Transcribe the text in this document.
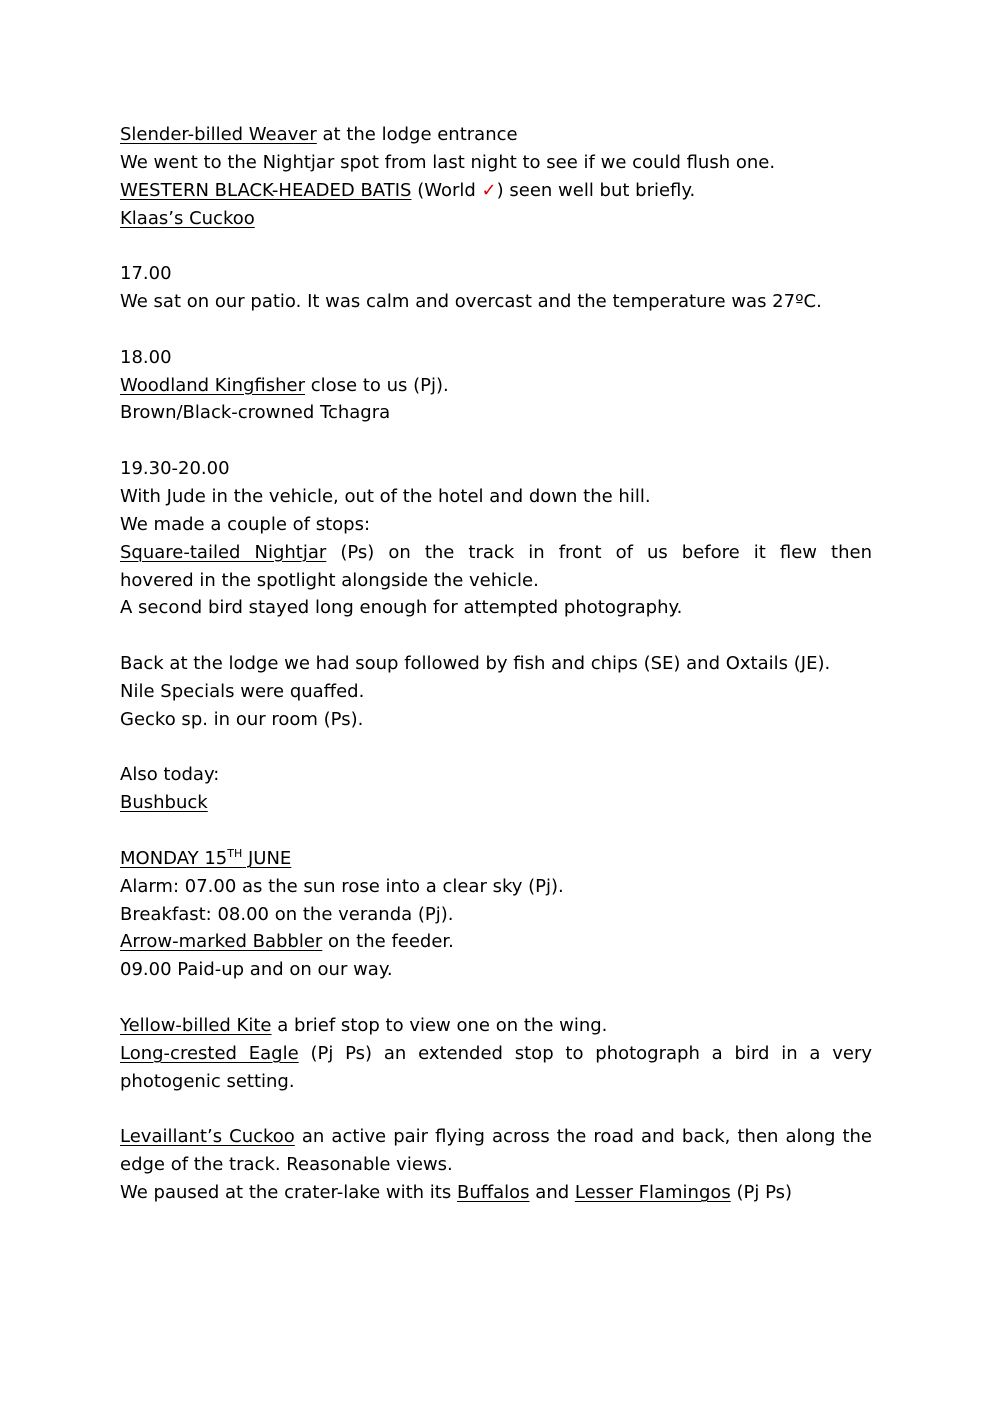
Slender-billed Weaver at the lodge entrance
We went to the Nightjar spot from last night to see if we could flush one.
WESTERN BLACK-HEADED BATIS (World ✓) seen well but briefly.
Klaas’s Cuckoo
17.00
We sat on our patio. It was calm and overcast and the temperature was 27ºC.
18.00
Woodland Kingfisher close to us (Pj).
Brown/Black-crowned Tchagra
19.30-20.00
With Jude in the vehicle, out of the hotel and down the hill.
We made a couple of stops:
Square-tailed Nightjar (Ps) on the track in front of us before it flew then
hovered in the spotlight alongside the vehicle.
A second bird stayed long enough for attempted photography.
Back at the lodge we had soup followed by fish and chips (SE) and Oxtails (JE).
Nile Specials were quaffed.
Gecko sp. in our room (Ps).
Also today:
Bushbuck
MONDAY 15TH JUNE
Alarm: 07.00 as the sun rose into a clear sky (Pj).
Breakfast: 08.00 on the veranda (Pj).
Arrow-marked Babbler on the feeder.
09.00 Paid-up and on our way.
Yellow-billed Kite a brief stop to view one on the wing.
Long-crested Eagle (Pj Ps) an extended stop to photograph a bird in a very
photogenic setting.
Levaillant’s Cuckoo an active pair flying across the road and back, then along the
edge of the track. Reasonable views.
We paused at the crater-lake with its Buffalos and Lesser Flamingos (Pj Ps)
